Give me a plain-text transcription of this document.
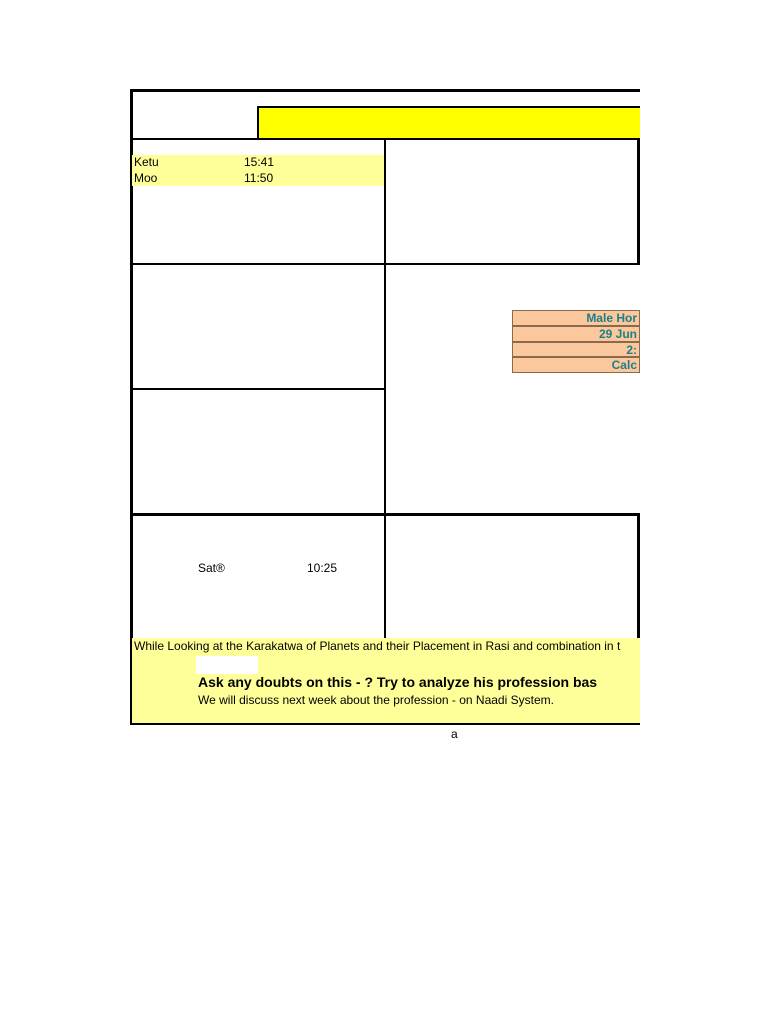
Ketu	15:41
Moo	11:50
Male Hor
29 Jun
2:
Calc
Sat®	10:25
While Looking at the Karakatwa of Planets and their Placement in Rasi and combination in t
Ask any doubts on this - ? Try to analyze his profession bas
We will discuss next week about the profession - on Naadi System.
a
